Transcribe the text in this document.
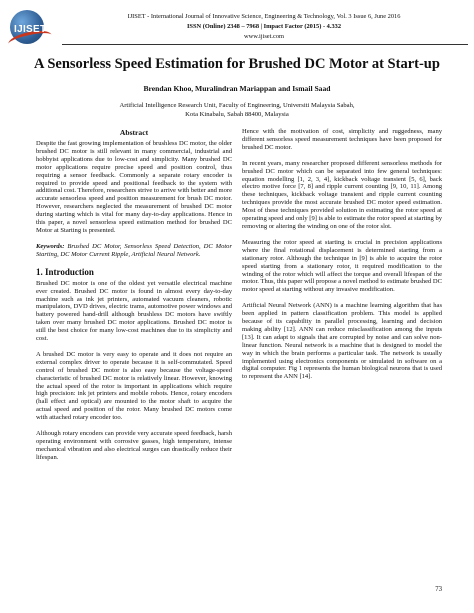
IJISET
IJISET - International Journal of Innovative Science, Engineering & Technology, Vol. 3 Issue 6, June 2016
ISSN (Online) 2348 – 7968 | Impact Factor (2015) - 4.332
www.ijiset.com
A Sensorless Speed Estimation for Brushed DC Motor at Start-up
Brendan Khoo, Muralindran Mariappan and Ismail Saad
Artificial Intelligence Research Unit, Faculty of Engineering, Universiti Malaysia Sabah,
Kota Kinabalu, Sabah 88400, Malaysia
Abstract

Despite the fast growing implementation of brushless DC motor, the older brushed DC motor is still relevant in many commercial, industrial and hobbyist applications due to low-cost and simplicity. Many brushed DC motor applications require precise speed and position control, thus requiring a sensor feedback. Commonly a separate rotary encoder is required to provide speed and positional feedback to the system with additional cost. Therefore, researchers strive to arrive with better and more accurate sensorless speed and position measurement for brush DC motor. However, researchers neglected the measurement of brushed DC motor during starting which is vital for many day-to-day applications. Hence in this paper, a novel sensorless speed estimation method for brushed DC Motor at Starting is presented.

Keywords: Brushed DC Motor, Sensorless Speed Detection, DC Motor Starting, DC Motor Current Ripple, Artificial Neural Network.

1. Introduction

Brushed DC motor is one of the oldest yet versatile electrical machine ever created. Brushed DC motor is found in almost every day-to-day machine such as ink jet printers, automated vacuum cleaners, robotic manipulators, DVD drives, electric trams, automotive power windows and battery powered hand-drill although brushless DC motors have swiftly taken over many brushed DC motor applications. Brushed DC motor is still the best choice for many low-cost machines due to its simplicity and cost.

A brushed DC motor is very easy to operate and it does not require an external complex driver to operate because it is self-commutated. Speed control of brushed DC motor is also easy because the voltage-speed characteristic of brushed DC motor is relatively linear. However, knowing the actual speed of the rotor is important in applications which require high precision: ink jet printers and mobile robots. Hence, rotary encoders (hall effect and optical) are mounted to the motor shaft to acquire the actual speed and position of the rotor. Many brushed DC motors come with attached rotary encoder too.

Although rotary encoders can provide very accurate speed feedback, harsh operating environment with corrosive gasses, high temperature, intense mechanical vibration and also electrical surges can drastically reduce their lifespan.

Hence with the motivation of cost, simplicity and ruggedness, many different sensorless speed measurement techniques have been proposed for brushed DC motor.

In recent years, many researcher proposed different sensorless methods for brushed DC motor which can be separated into few general techniques: equation modelling [1, 2, 3, 4], kickback voltage transient [5, 6], back electro motive force [7, 8] and ripple current counting [9, 10, 11]. Among these techniques, kickback voltage transient and ripple current counting techniques provide the most accurate brushed DC motor speed estimation. Most of these techniques provided solution in estimating the rotor speed at operating speed and only [9] is able to estimate the rotor speed at starting by removing or altering the winding on one of the rotor slot.

Measuring the rotor speed at starting is crucial in precision applications where the final rotational displacement is determined starting from a stationary rotor. Although the technique in [9] is able to acquire the rotor speed starting from a stationary rotor, it required modification to the winding of the rotor which will affect the torque and overall lifespan of the motor. Thus, this paper will propose a novel method to estimate brushed DC motor speed at starting without any invasive modification.

Artificial Neural Network (ANN) is a machine learning algorithm that has been applied in pattern classification problem. This model is applied because of its capability in parallel processing, learning and decision making ability [12]. ANN can reduce misclassification among the inputs [13]. It can adapt to signals that are corrupted by noise and can solve non- linear function. Neural network is a machine that is designed to model the way in which the brain performs a particular task. The network is usually implemented using electronics components or simulated in software on a digital computer. Fig 1 represents the human biological neurons that is used to represent the ANN [14].

73
